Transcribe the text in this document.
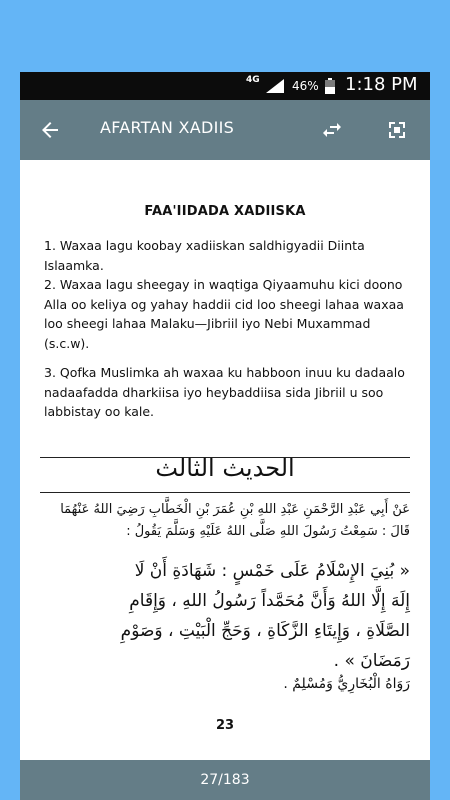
4G	46% 1:18 PM
AFARTAN XADIIS
FAA'IIDADA XADIISKA

1. Waxaa lagu koobay xadiiskan saldhigyadii Diinta Islaamka.

2. Waxaa lagu sheegay in waqtiga Qiyaamuhu kici doono Alla oo keliya og yahay haddii cid loo sheegi lahaa waxaa loo sheegi lahaa Malaku—Jibriil iyo Nebi Muxammad (s.c.w).

3. Qofka Muslimka ah waxaa ku habboon inuu ku dadaalo nadaafadda dharkiisa iyo heybaddiisa sida Jibriil u soo labbistay oo kale.

الحديث الثالث
عَنْ أَبِي عَبْدِ الرَّحْمَنِ عَبْدِ اللهِ بْنِ عُمَرَ بْنِ الْخَطَّابِ رَضِيَ اللهُ عَنْهُمَا
قَالَ : سَمِعْتُ رَسُولَ اللهِ صَلَّى اللهُ عَلَيْهِ وَسَلَّمَ يَقُولُ :
« بُنِيَ الإِسْلَامُ عَلَى خَمْسٍ : شَهَادَةِ أَنْ لَا
إِلَهَ إِلَّا اللهُ وَأَنَّ مُحَمَّداً رَسُولُ اللهِ ، وَإِقَامِ
الصَّلَاةِ ، وَإِيتَاءِ الزَّكَاةِ ، وَحَجِّ الْبَيْتِ ، وَصَوْمِ
رَمَضَانَ » .
رَوَاهُ الْبُخَارِيُّ وَمُسْلِمٌ .
23
27/183
